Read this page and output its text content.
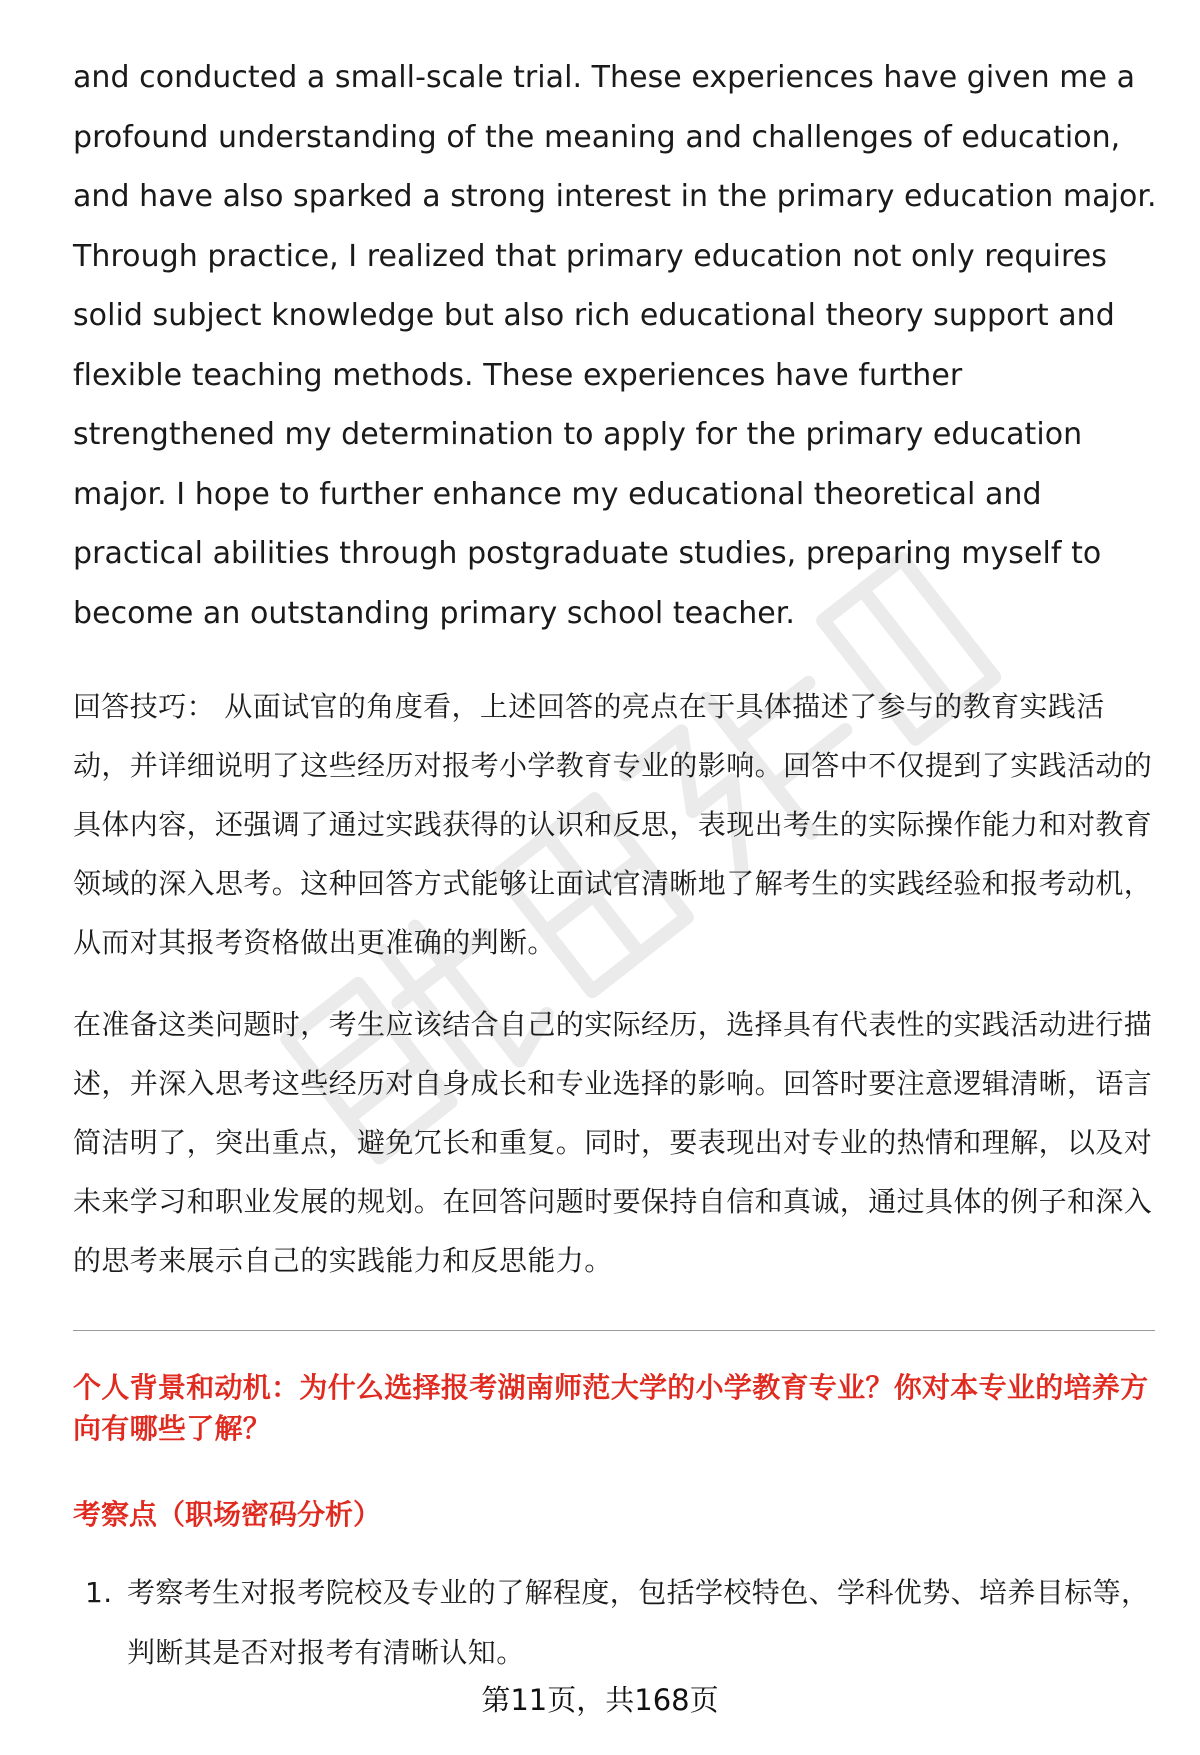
and conducted a small-scale trial. These experiences have given me a profound understanding of the meaning and challenges of education, and have also sparked a strong interest in the primary education major. Through practice, I realized that primary education not only requires solid subject knowledge but also rich educational theory support and flexible teaching methods. These experiences have further strengthened my determination to apply for the primary education major. I hope to further enhance my educational theoretical and practical abilities through postgraduate studies, preparing myself to become an outstanding primary school teacher.

回答技巧： 从面试官的角度看，上述回答的亮点在于具体描述了参与的教育实践活动，并详细说明了这些经历对报考小学教育专业的影响。回答中不仅提到了实践活动的具体内容，还强调了通过实践获得的认识和反思，表现出考生的实际操作能力和对教育领域的深入思考。这种回答方式能够让面试官清晰地了解考生的实践经验和报考动机，从而对其报考资格做出更准确的判断。

在准备这类问题时，考生应该结合自己的实际经历，选择具有代表性的实践活动进行描述，并深入思考这些经历对自身成长和专业选择的影响。回答时要注意逻辑清晰，语言简洁明了，突出重点，避免冗长和重复。同时，要表现出对专业的热情和理解，以及对未来学习和职业发展的规划。在回答问题时要保持自信和真诚，通过具体的例子和深入的思考来展示自己的实践能力和反思能力。

个人背景和动机：为什么选择报考湖南师范大学的小学教育专业？你对本专业的培养方向有哪些了解？

考察点（职场密码分析）

1. 考察考生对报考院校及专业的了解程度，包括学校特色、学科优势、培养目标等，判断其是否对报考有清晰认知。
第11页，共168页
